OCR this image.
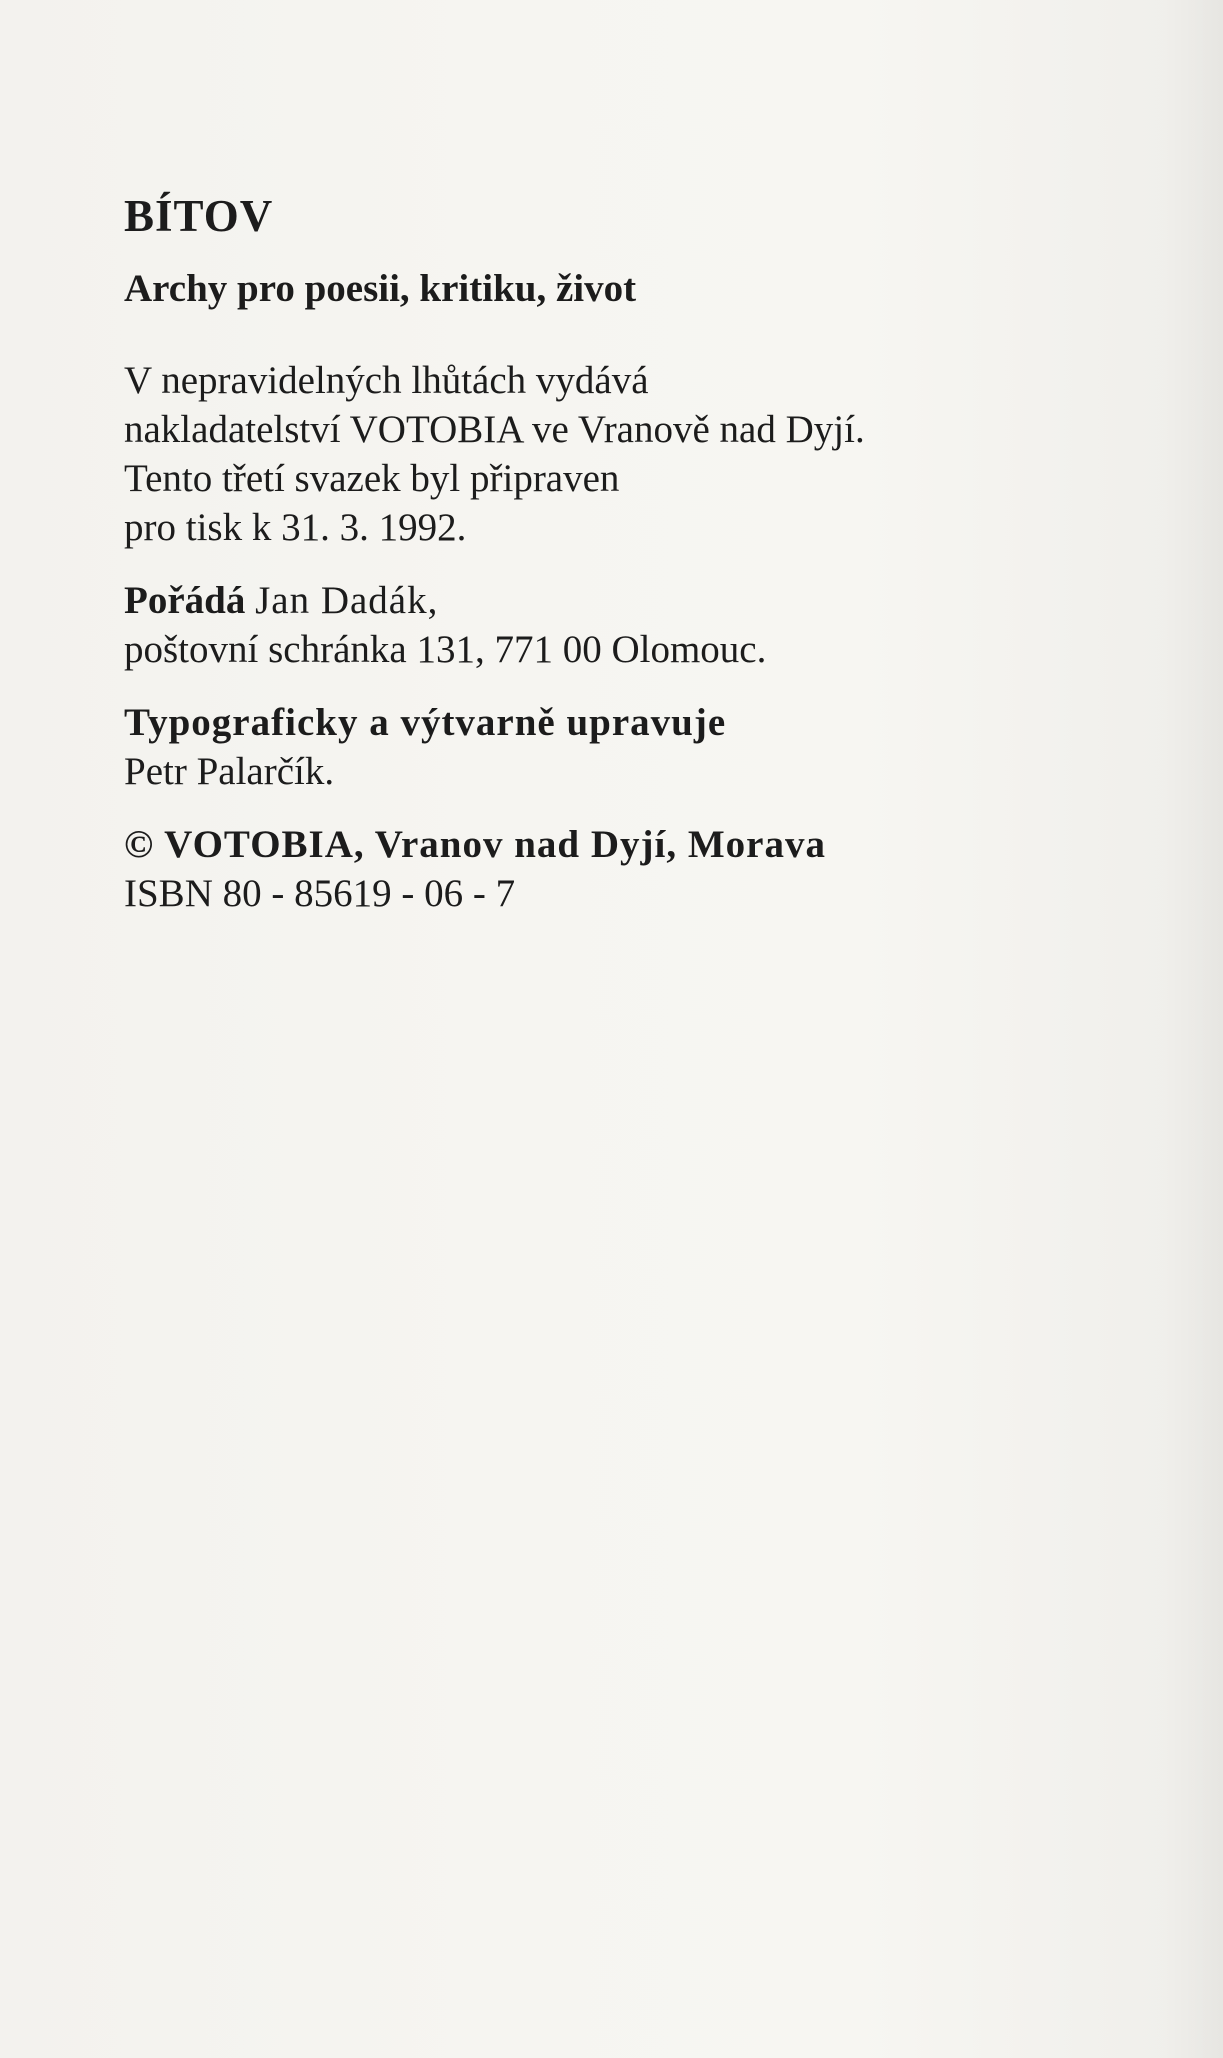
BÍTOV

Archy pro poesii, kritiku, život

V nepravidelných lhůtách vydává
nakladatelství VOTOBIA ve Vranově nad Dyjí.
Tento třetí svazek byl připraven
pro tisk k 31. 3. 1992.

Pořádá Jan Dadák,
poštovní schránka 131, 771 00 Olomouc.

Typograficky a výtvarně upravuje
Petr Palarčík.

© VOTOBIA, Vranov nad Dyjí, Morava
ISBN 80 - 85619 - 06 - 7
